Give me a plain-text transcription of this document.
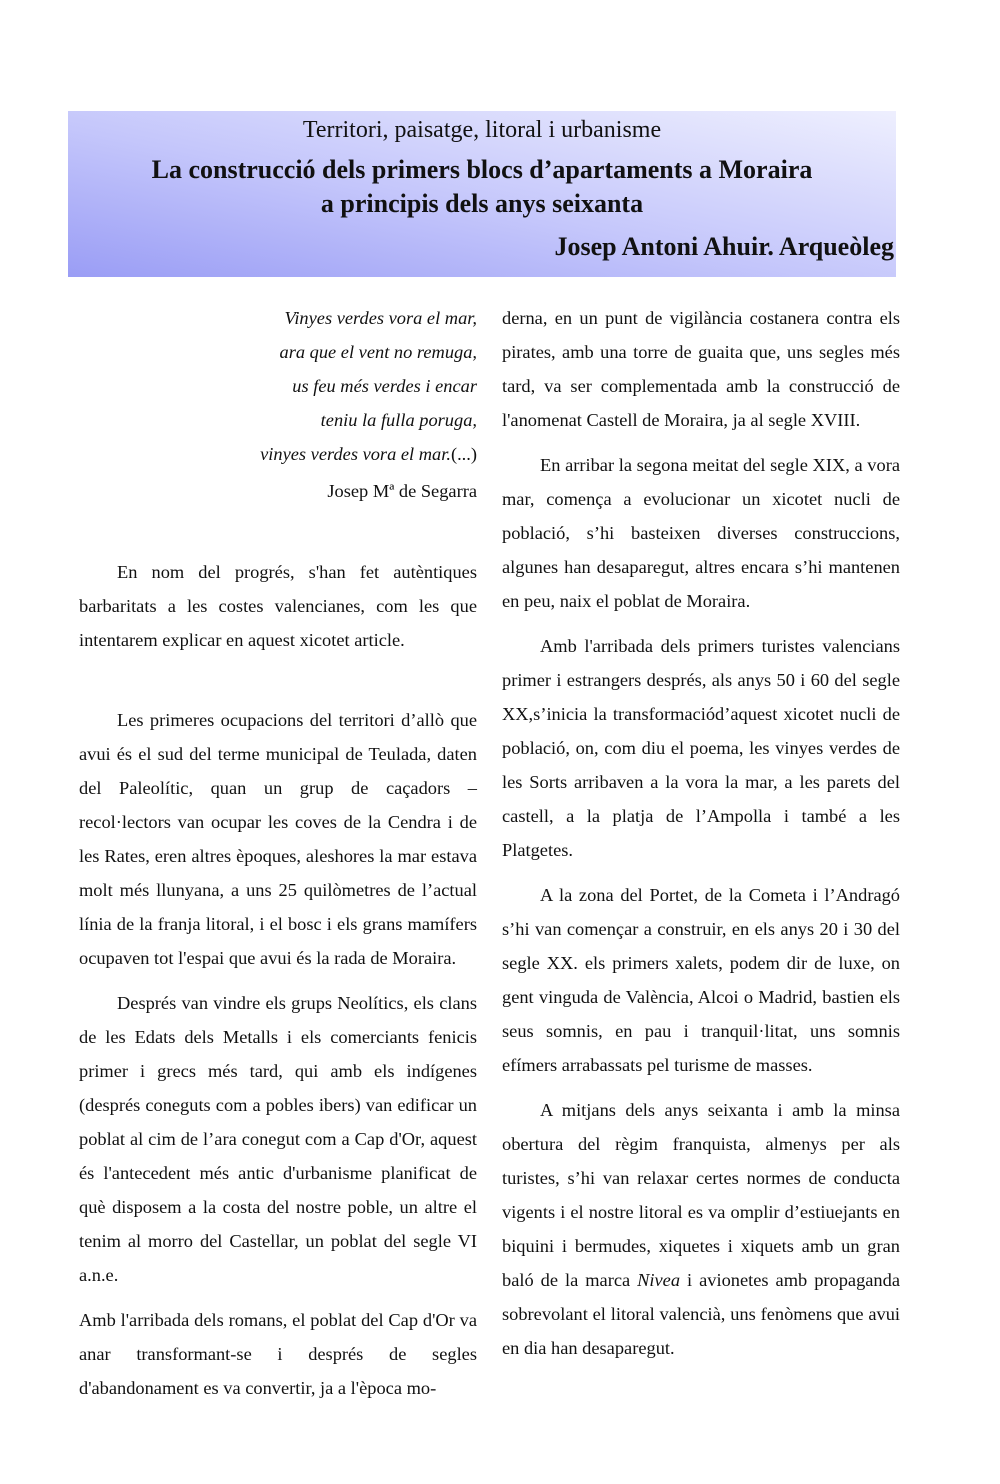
Territori, paisatge, litoral i urbanisme
La construcció dels primers blocs d’apartaments a Moraira
a principis dels anys seixanta
Josep Antoni Ahuir. Arqueòleg
Vinyes verdes vora el mar,
ara que el vent no remuga,
us feu més verdes i encar
teniu la fulla poruga,
vinyes verdes vora el mar.(...)
Josep Mª de Segarra

En nom del progrés, s'han fet autèntiques barbaritats a les costes valencianes, com les que intentarem explicar en aquest xicotet article.

Les primeres ocupacions del territori d’allò que avui és el sud del terme municipal de Teulada, daten del Paleolític, quan un grup de caçadors –recol·lectors van ocupar les coves de la Cendra i de les Rates, eren altres èpoques, aleshores la mar estava molt més llunyana, a uns 25 quilòmetres de l’actual línia de la franja litoral, i el bosc i els grans mamífers ocupaven tot l'espai que avui és la rada de Moraira.

Després van vindre els grups Neolítics, els clans de les Edats dels Metalls i els comerciants fenicis primer i grecs més tard, qui amb els indígenes (després coneguts com a pobles ibers) van edificar un poblat al cim de l’ara conegut com a Cap d'Or, aquest és l'antecedent més antic d'urbanisme planificat de què disposem a la costa del nostre poble, un altre el tenim al morro del Castellar, un poblat del segle VI a.n.e.

Amb l'arribada dels romans, el poblat del Cap d'Or va anar transformant-se i després de segles d'abandonament es va convertir, ja a l'època mo-

derna, en un punt de vigilància costanera contra els pirates, amb una torre de guaita que, uns segles més tard, va ser complementada amb la construcció de l'anomenat Castell de Moraira, ja al segle XVIII.

En arribar la segona meitat del segle XIX, a vora mar, comença a evolucionar un xicotet nucli de població, s’hi basteixen diverses construccions, algunes han desaparegut, altres encara s’hi mantenen en peu, naix el poblat de Moraira.

Amb l'arribada dels primers turistes valencians primer i estrangers després, als anys 50 i 60 del segle XX,s’inicia la transformaciód’aquest xicotet nucli de població, on, com diu el poema, les vinyes verdes de les Sorts arribaven a la vora la mar, a les parets del castell, a la platja de l’Ampolla i també a les Platgetes.

A la zona del Portet, de la Cometa i l’Andragó s’hi van començar a construir, en els anys 20 i 30 del segle XX. els primers xalets, podem dir de luxe, on gent vinguda de València, Alcoi o Madrid, bastien els seus somnis, en pau i tranquil·litat, uns somnis efímers arrabassats pel turisme de masses.

A mitjans dels anys seixanta i amb la minsa obertura del règim franquista, almenys per als turistes, s’hi van relaxar certes normes de conducta vigents i el nostre litoral es va omplir d’estiuejants en biquini i bermudes, xiquetes i xiquets amb un gran baló de la marca Nivea i avionetes amb propaganda sobrevolant el litoral valencià, uns fenòmens que avui en dia han desaparegut.
